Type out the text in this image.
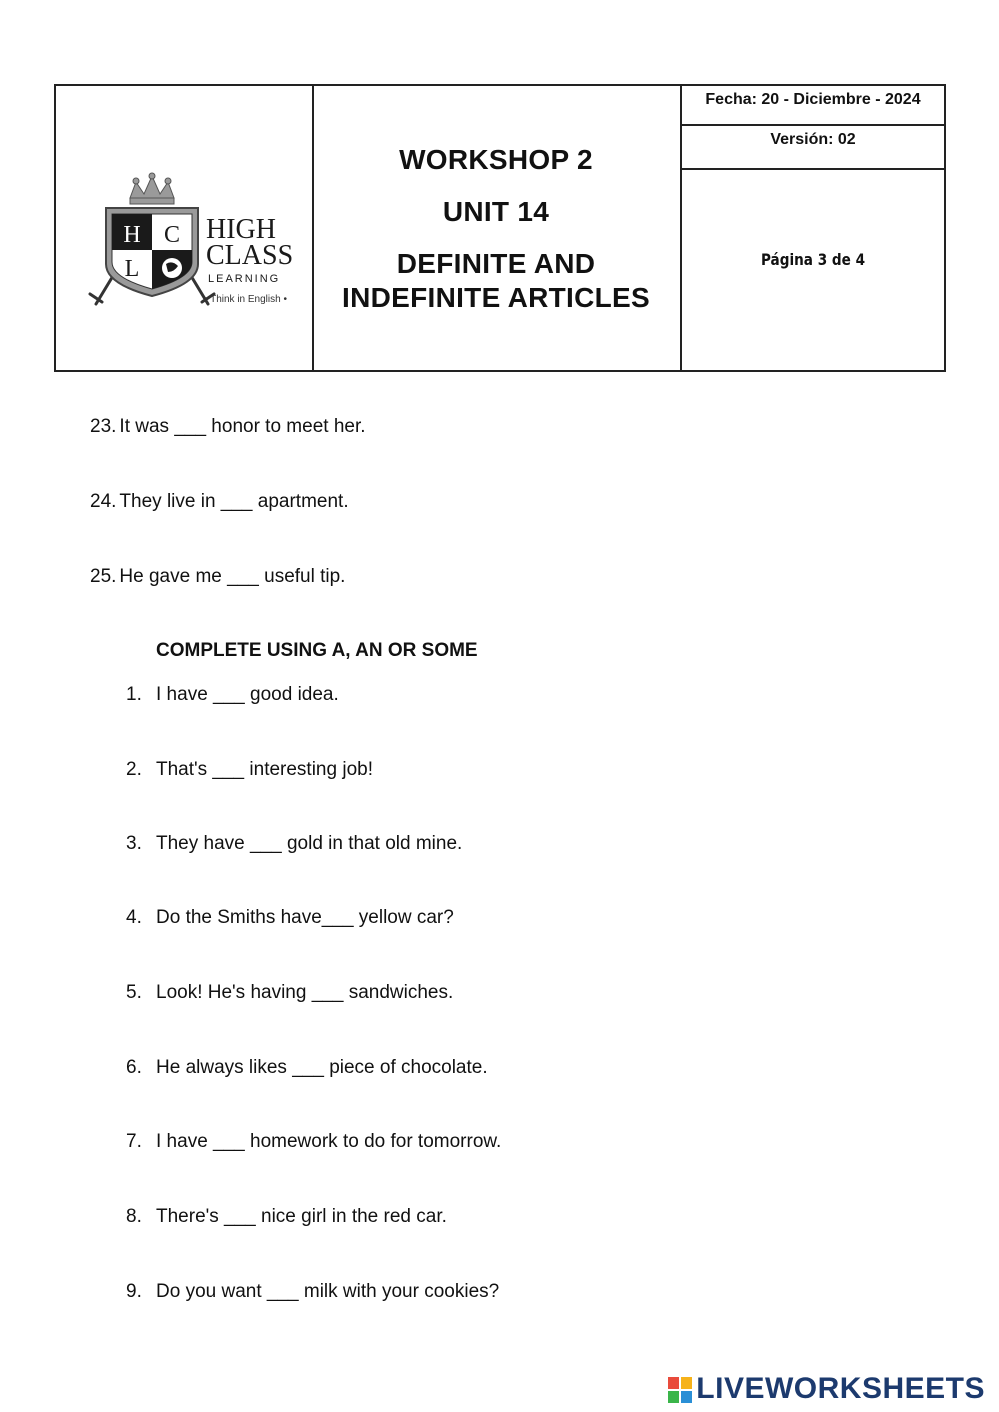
H C
L
HIGH
CLASS
LEARNING
• Think in English •
WORKSHOP 2
UNIT 14
DEFINITE AND
INDEFINITE ARTICLES
Fecha: 20 - Diciembre - 2024
Versión: 02
Página 3 de 4
23. It was ___ honor to meet her.
24. They live in ___ apartment.
25. He gave me ___ useful tip.
COMPLETE USING A, AN OR SOME
1. I have ___ good idea.
2. That's ___ interesting job!
3. They have ___ gold in that old mine.
4. Do the Smiths have___ yellow car?
5. Look! He's having ___ sandwiches.
6. He always likes ___ piece of chocolate.
7. I have ___ homework to do for tomorrow.
8. There's ___ nice girl in the red car.
9. Do you want ___ milk with your cookies?
LIVEWORKSHEETS
